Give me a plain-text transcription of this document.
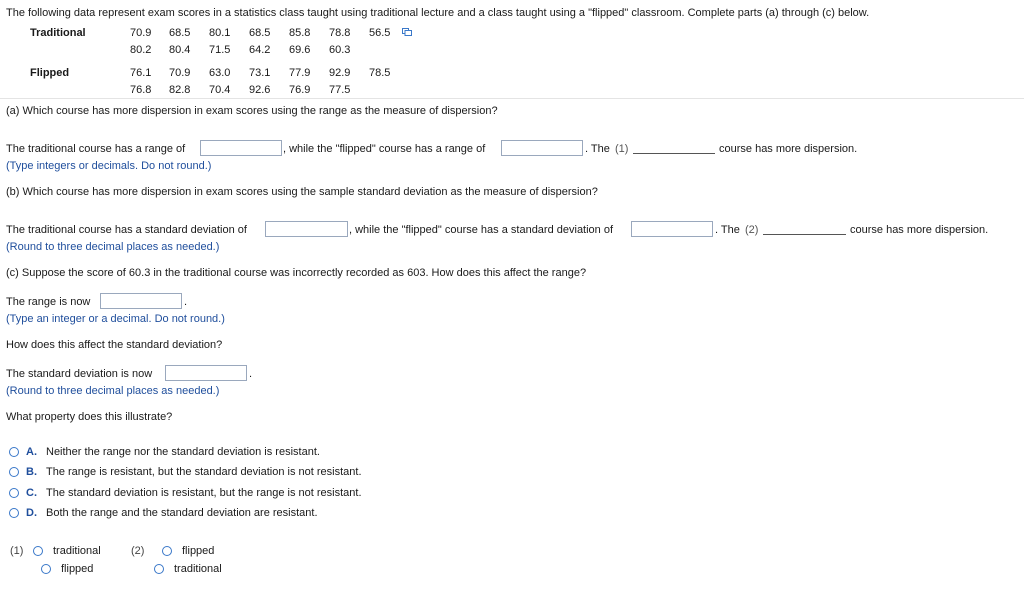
The following data represent exam scores in a statistics class taught using traditional lecture and a class taught using a "flipped" classroom. Complete parts (a) through (c) below.
Traditional	70.9	68.5	80.1	68.5	85.8	78.8	56.5
	80.2	80.4	71.5	64.2	69.6	60.3	

Flipped	76.1	70.9	63.0	73.1	77.9	92.9	78.5
	76.8	82.8	70.4	92.6	76.9	77.5	
(a) Which course has more dispersion in exam scores using the range as the measure of dispersion?
The traditional course has a range of	, while the "flipped" course has a range of	. The (1)	course has more dispersion.
(Type integers or decimals. Do not round.)
(b) Which course has more dispersion in exam scores using the sample standard deviation as the measure of dispersion?
The traditional course has a standard deviation of	, while the "flipped" course has a standard deviation of	. The (2)	course has more dispersion.
(Round to three decimal places as needed.)
(c) Suppose the score of 60.3 in the traditional course was incorrectly recorded as 603. How does this affect the range?
The range is now	.
(Type an integer or a decimal. Do not round.)
How does this affect the standard deviation?
The standard deviation is now	.
(Round to three decimal places as needed.)
What property does this illustrate?
A. Neither the range nor the standard deviation is resistant.
B. The range is resistant, but the standard deviation is not resistant.
C. The standard deviation is resistant, but the range is not resistant.
D. Both the range and the standard deviation are resistant.
(1)	traditional
flipped
(2)	flipped
traditional
